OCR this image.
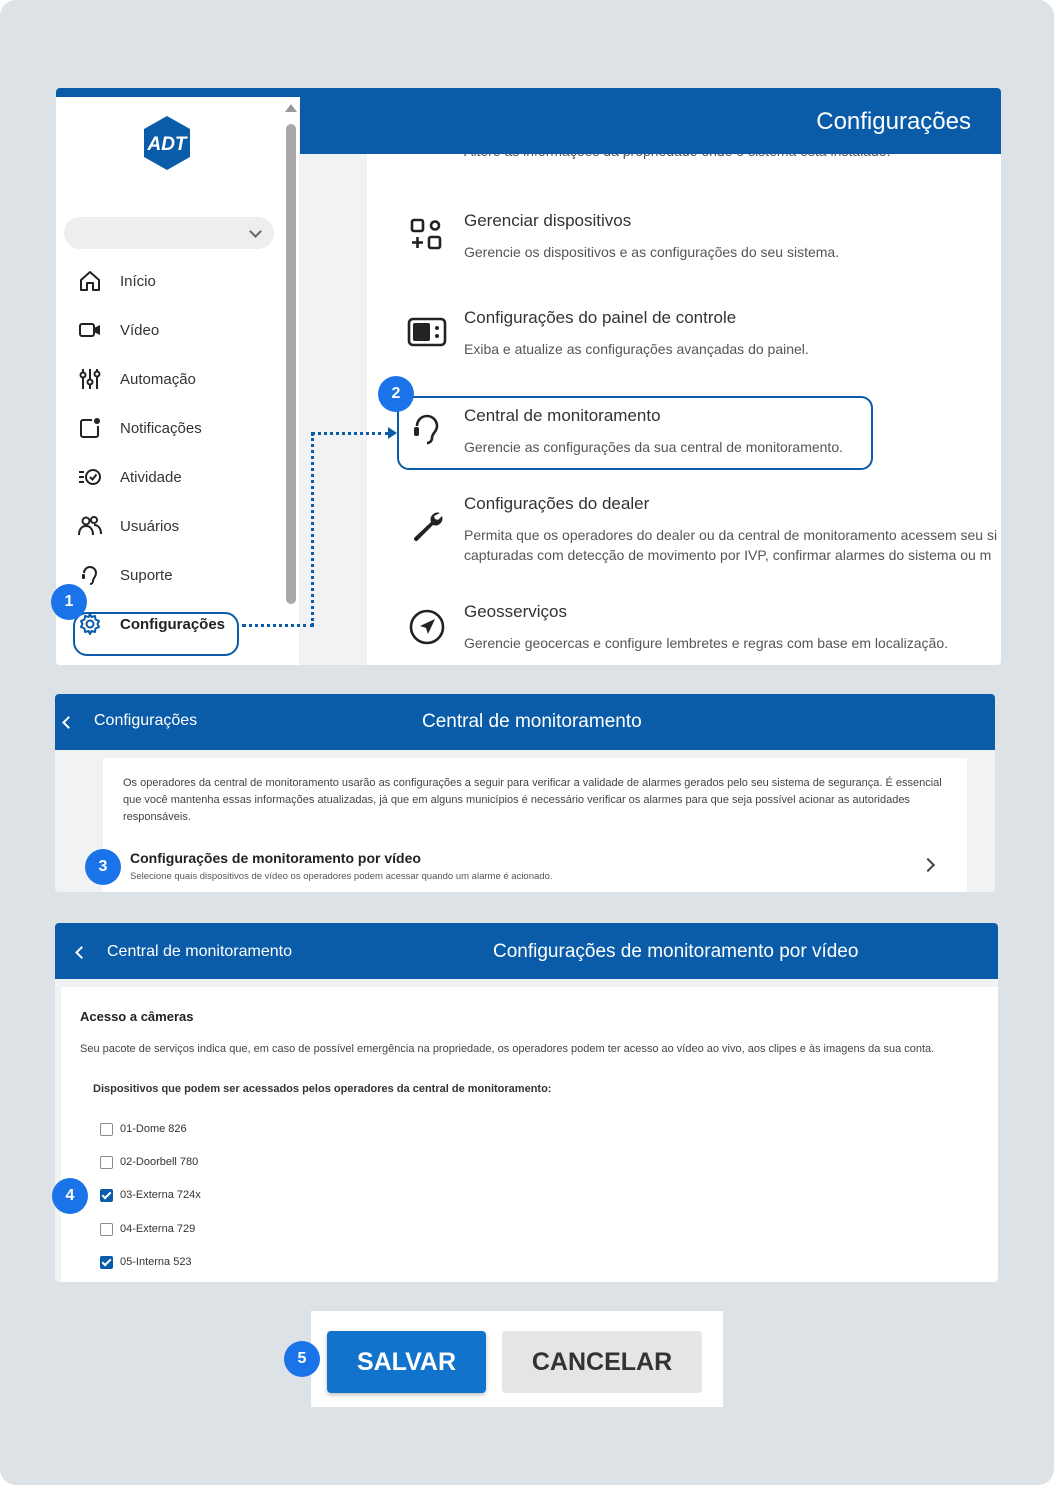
ADT
Início
Vídeo
Automação
Notificações
Atividade
Usuários
Suporte
Configurações
Gerenciar dispositivos
Gerencie os dispositivos e as configurações do seu sistema.
Configurações do painel de controle
Exiba e atualize as configurações avançadas do painel.
Central de monitoramento
Gerencie as configurações da sua central de monitoramento.
Configurações do dealer
Permita que os operadores do dealer ou da central de monitoramento acessem seu si
capturadas com detecção de movimento por IVP, confirmar alarmes do sistema ou m
Geosserviços
Gerencie geocercas e configure lembretes e regras com base em localização.
Configurações
1
2
Configurações	Central de monitoramento
Os operadores da central de monitoramento usarão as configurações a seguir para verificar a validade de alarmes gerados pelo seu sistema de segurança. É essencial que você mantenha essas informações atualizadas, já que em alguns municípios é necessário verificar os alarmes para que seja possível acionar as autoridades responsáveis.
Configurações de monitoramento por vídeo
Selecione quais dispositivos de vídeo os operadores podem acessar quando um alarme é acionado.
3
Central de monitoramento	Configurações de monitoramento por vídeo
Acesso a câmeras
Seu pacote de serviços indica que, em caso de possível emergência na propriedade, os operadores podem ter acesso ao vídeo ao vivo, aos clipes e às imagens da sua conta.
Dispositivos que podem ser acessados pelos operadores da central de monitoramento:
01-Dome 826
02-Doorbell 780
03-Externa 724x
04-Externa 729
05-Interna 523
4
SALVAR	CANCELAR
5
